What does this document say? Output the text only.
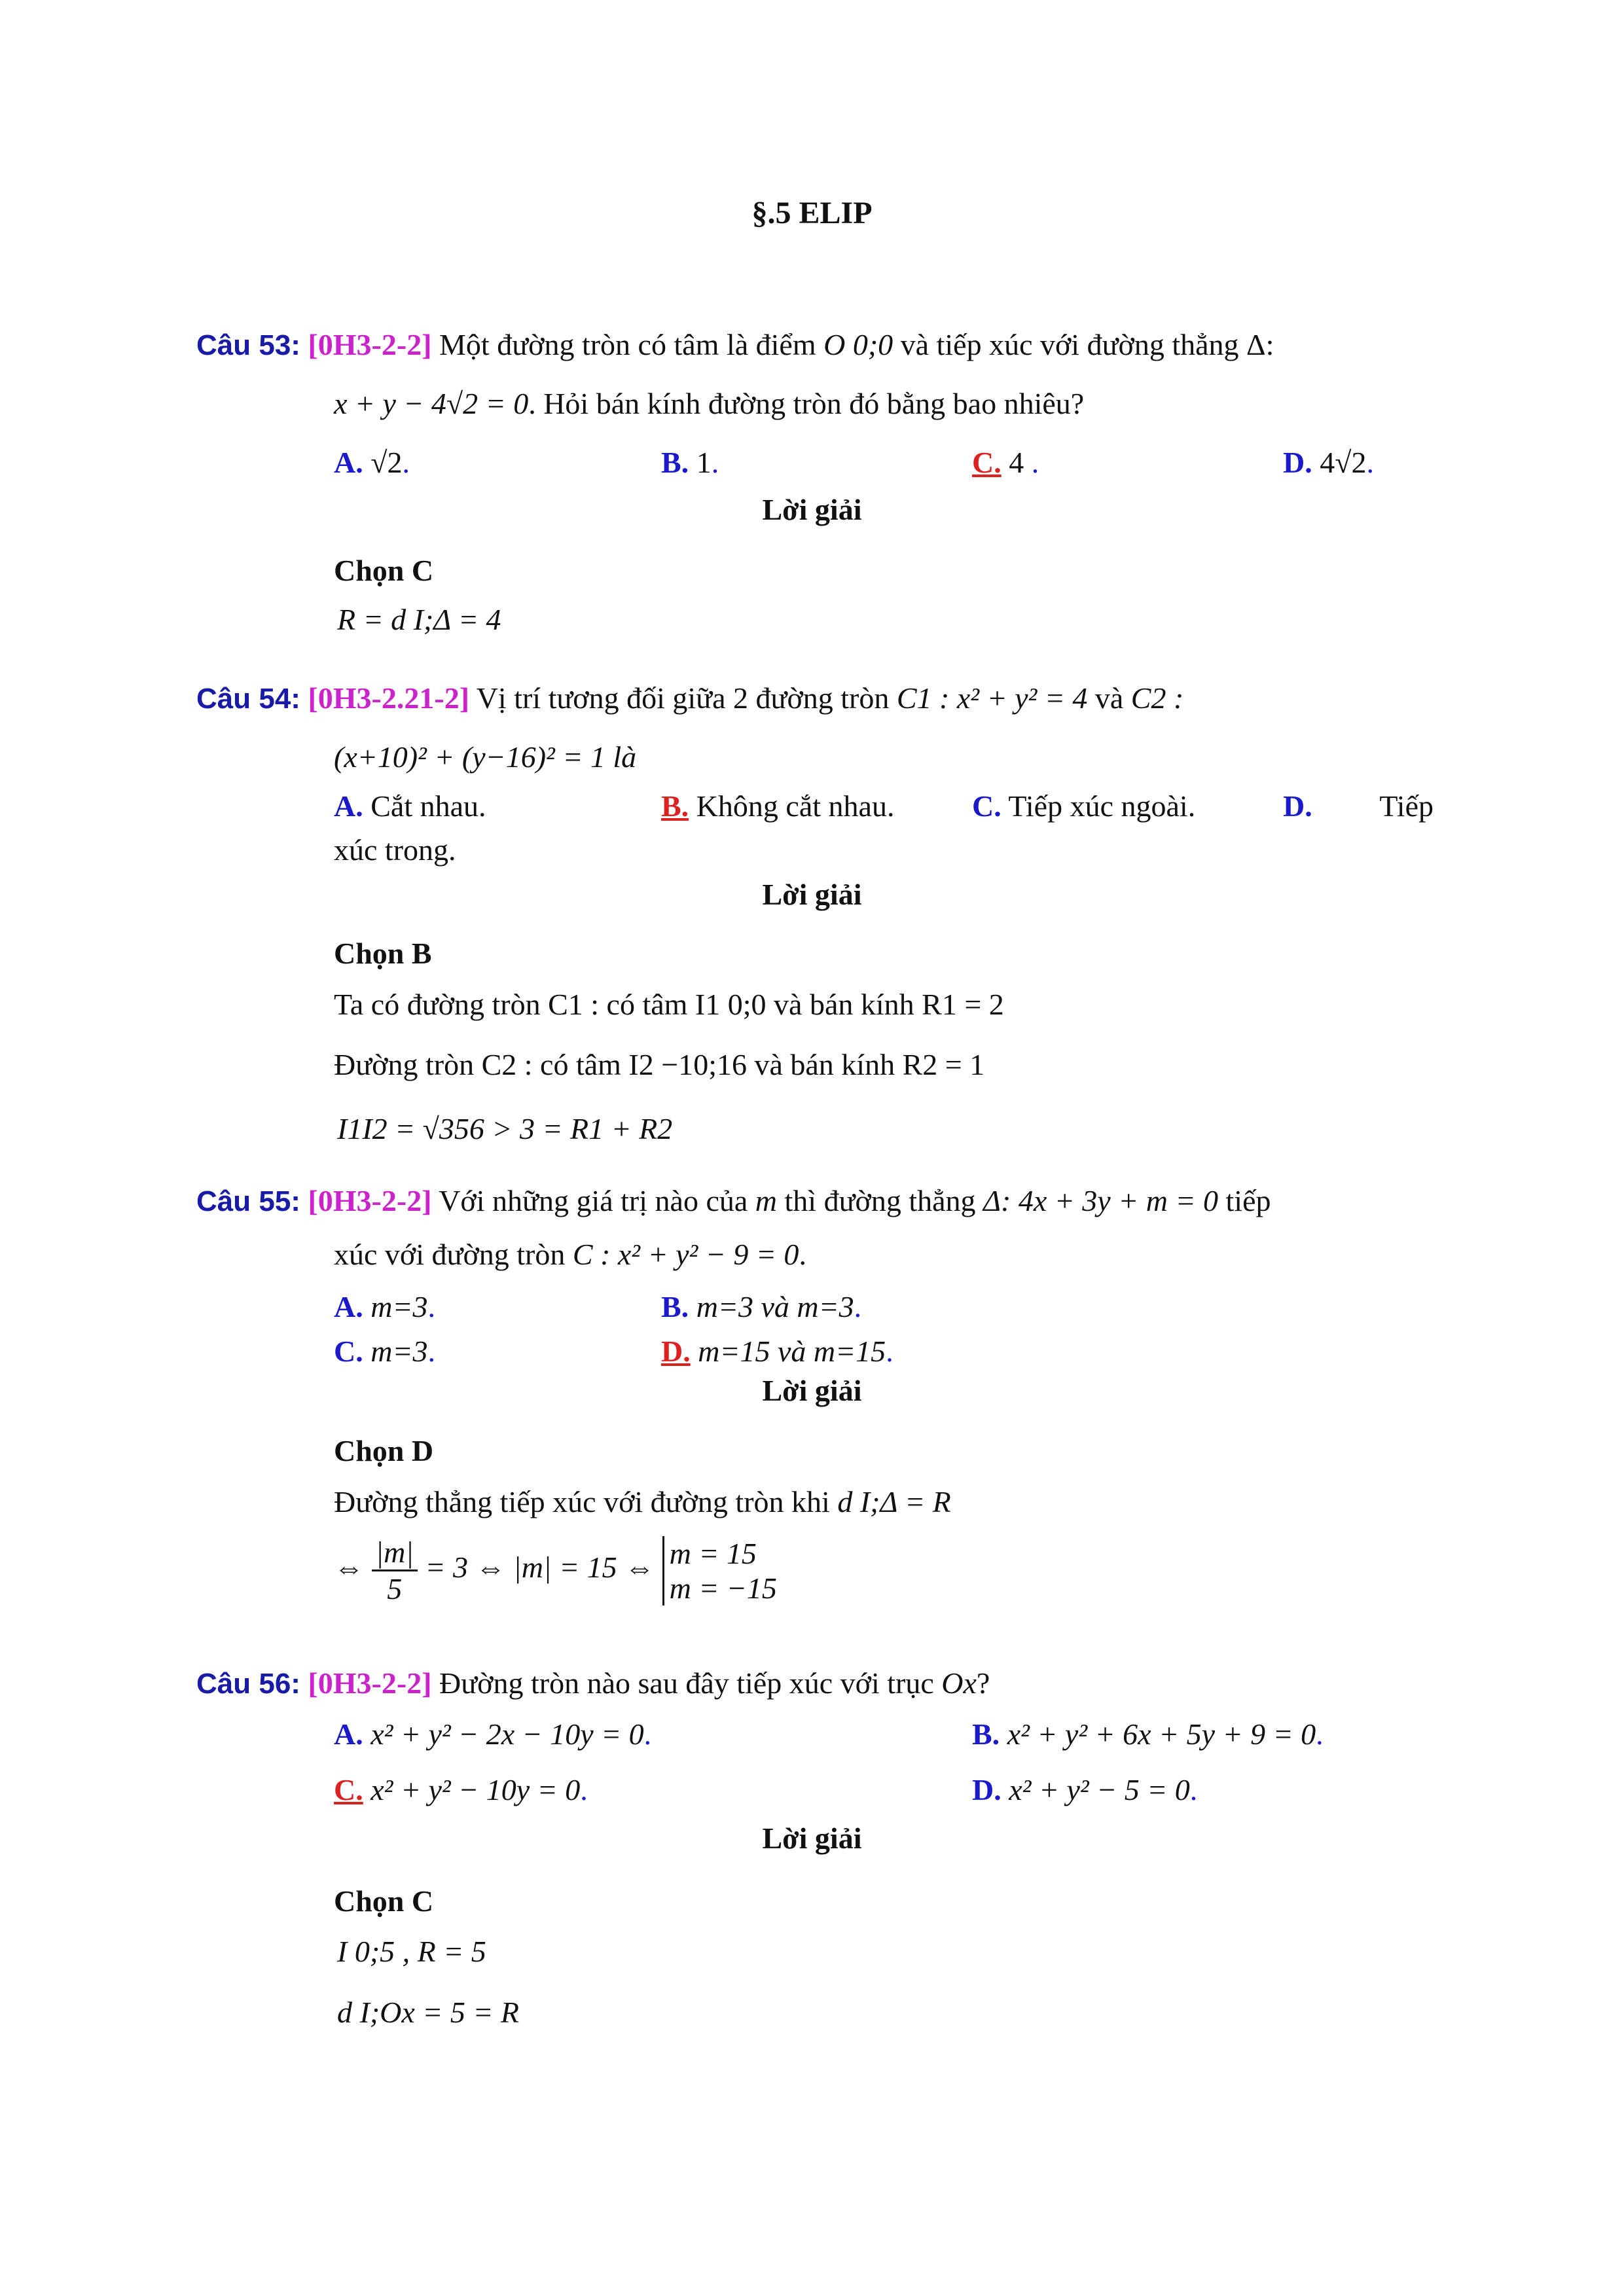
§.5 ELIP
Câu 53: [0H3-2-2] Một đường tròn có tâm là điểm O 0;0 và tiếp xúc với đường thẳng Δ:
x + y − 4√2 = 0. Hỏi bán kính đường tròn đó bằng bao nhiêu?
A. √2.	B. 1.	C. 4 .	D. 4√2.
Lời giải
Chọn C
R = d I;Δ = 4
Câu 54: [0H3-2.21-2] Vị trí tương đối giữa 2 đường tròn C1 : x² + y² = 4 và C2 :
(x+10)² + (y−16)² = 1 là
A. Cắt nhau.	B. Không cắt nhau.	C. Tiếp xúc ngoài.	D. Tiếp
xúc trong.
Lời giải
Chọn B
Ta có đường tròn C1 : có tâm I1 0;0 và bán kính R1 = 2
Đường tròn C2 : có tâm I2 −10;16 và bán kính R2 = 1
I1I2 = √356 > 3 = R1 + R2
Câu 55: [0H3-2-2] Với những giá trị nào của m thì đường thẳng Δ: 4x + 3y + m = 0 tiếp
xúc với đường tròn C : x² + y² − 9 = 0.
A. m=3.	B. m=3 và m=3.
C. m=3.	D. m=15 và m=15.
Lời giải
Chọn D
Đường thẳng tiếp xúc với đường tròn khi d I;Δ = R
⇔ $\frac{|m|}{5} = 3$ ⇔ |m| = 15 ⇔ m = 15
m = −15
Câu 56: [0H3-2-2] Đường tròn nào sau đây tiếp xúc với trục Ox?
A. x² + y² − 2x − 10y = 0.	B. x² + y² + 6x + 5y + 9 = 0.
C. x² + y² − 10y = 0.	D. x² + y² − 5 = 0.
Lời giải
Chọn C
I 0;5 , R = 5
d I;Ox = 5 = R
